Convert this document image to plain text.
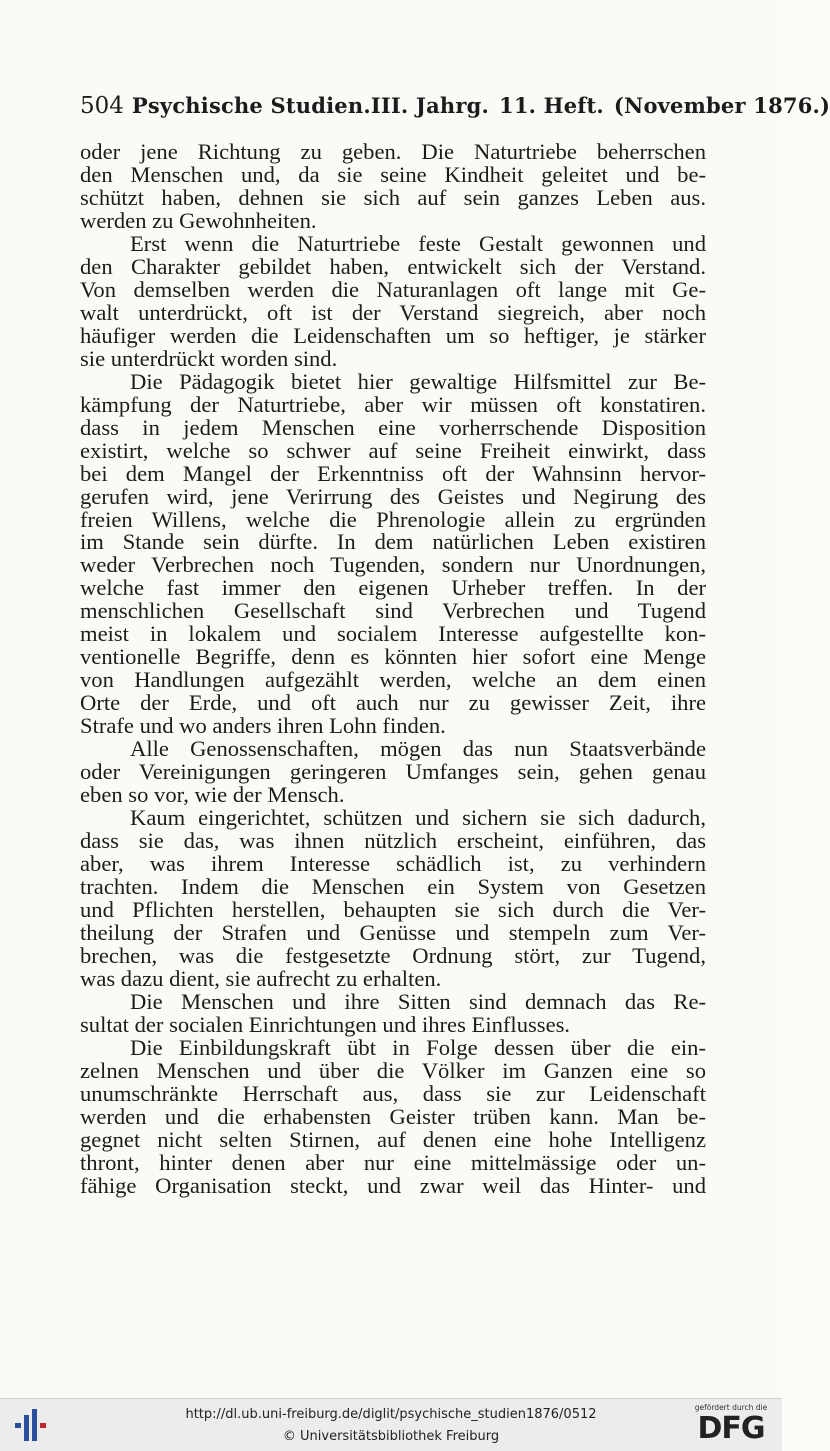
504 Psychische Studien. III. Jahrg. 11. Heft. (November 1876.)
oder jene Richtung zu geben. Die Naturtriebe beherrschen
den Menschen und, da sie seine Kindheit geleitet und be-
schützt haben, dehnen sie sich auf sein ganzes Leben aus.
werden zu Gewohnheiten.
Erst wenn die Naturtriebe feste Gestalt gewonnen und
den Charakter gebildet haben, entwickelt sich der Verstand.
Von demselben werden die Naturanlagen oft lange mit Ge-
walt unterdrückt, oft ist der Verstand siegreich, aber noch
häufiger werden die Leidenschaften um so heftiger, je stärker
sie unterdrückt worden sind.
Die Pädagogik bietet hier gewaltige Hilfsmittel zur Be-
kämpfung der Naturtriebe, aber wir müssen oft konstatiren.
dass in jedem Menschen eine vorherrschende Disposition
existirt, welche so schwer auf seine Freiheit einwirkt, dass
bei dem Mangel der Erkenntniss oft der Wahnsinn hervor-
gerufen wird, jene Verirrung des Geistes und Negirung des
freien Willens, welche die Phrenologie allein zu ergründen
im Stande sein dürfte. In dem natürlichen Leben existiren
weder Verbrechen noch Tugenden, sondern nur Unordnungen,
welche fast immer den eigenen Urheber treffen. In der
menschlichen Gesellschaft sind Verbrechen und Tugend
meist in lokalem und socialem Interesse aufgestellte kon-
ventionelle Begriffe, denn es könnten hier sofort eine Menge
von Handlungen aufgezählt werden, welche an dem einen
Orte der Erde, und oft auch nur zu gewisser Zeit, ihre
Strafe und wo anders ihren Lohn finden.
Alle Genossenschaften, mögen das nun Staatsverbände
oder Vereinigungen geringeren Umfanges sein, gehen genau
eben so vor, wie der Mensch.
Kaum eingerichtet, schützen und sichern sie sich dadurch,
dass sie das, was ihnen nützlich erscheint, einführen, das
aber, was ihrem Interesse schädlich ist, zu verhindern
trachten. Indem die Menschen ein System von Gesetzen
und Pflichten herstellen, behaupten sie sich durch die Ver-
theilung der Strafen und Genüsse und stempeln zum Ver-
brechen, was die festgesetzte Ordnung stört, zur Tugend,
was dazu dient, sie aufrecht zu erhalten.
Die Menschen und ihre Sitten sind demnach das Re-
sultat der socialen Einrichtungen und ihres Einflusses.
Die Einbildungskraft übt in Folge dessen über die ein-
zelnen Menschen und über die Völker im Ganzen eine so
unumschränkte Herrschaft aus, dass sie zur Leidenschaft
werden und die erhabensten Geister trüben kann. Man be-
gegnet nicht selten Stirnen, auf denen eine hohe Intelligenz
thront, hinter denen aber nur eine mittelmässige oder un-
fähige Organisation steckt, und zwar weil das Hinter- und
http://dl.ub.uni-freiburg.de/diglit/psychische_studien1876/0512
© Universitätsbibliothek Freiburg
gefördert durch die
DFG
